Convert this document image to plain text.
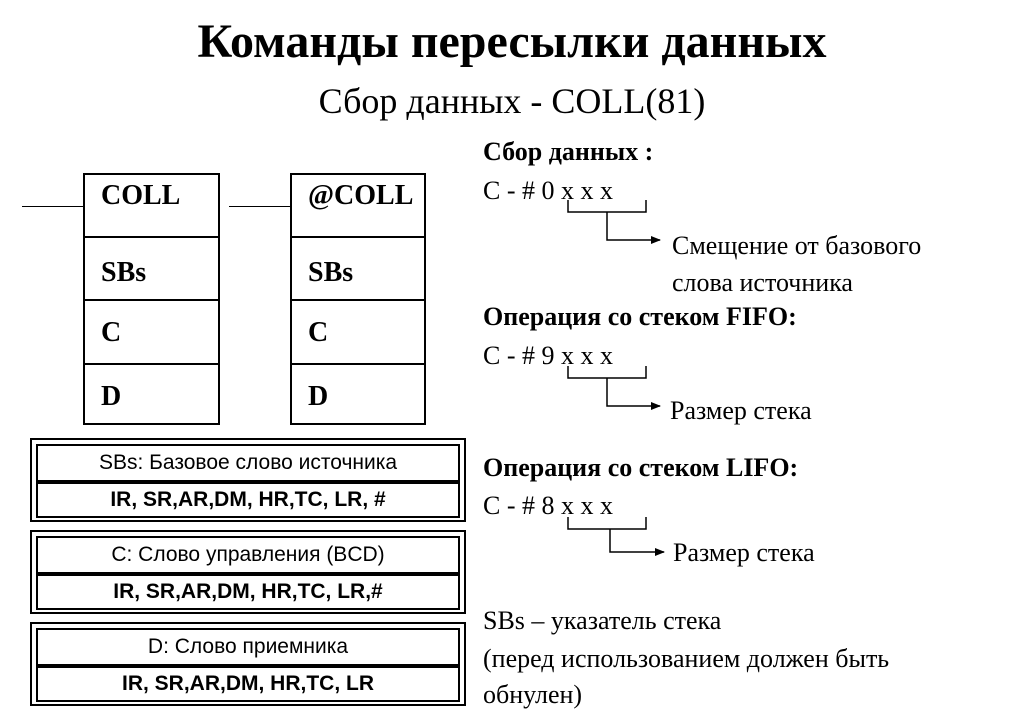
Команды пересылки данных
Сбор данных - COLL(81)
COLL
SBs
C
D
@COLL
SBs
C
D
SBs: Базовое слово источника
IR, SR,AR,DM, HR,TC, LR, #
C: Слово управления (BCD)
IR, SR,AR,DM, HR,TC, LR,#
D: Слово приемника
IR, SR,AR,DM, HR,TC, LR
Сбор данных :
C - # 0 x x x
Смещение от базового
слова источника
Операция со стеком FIFO:
C - # 9 x x x
Размер стека
Операция со стеком LIFO:
C - # 8 x x x
Размер стека
SBs – указатель стека
(перед использованием должен быть
обнулен)
